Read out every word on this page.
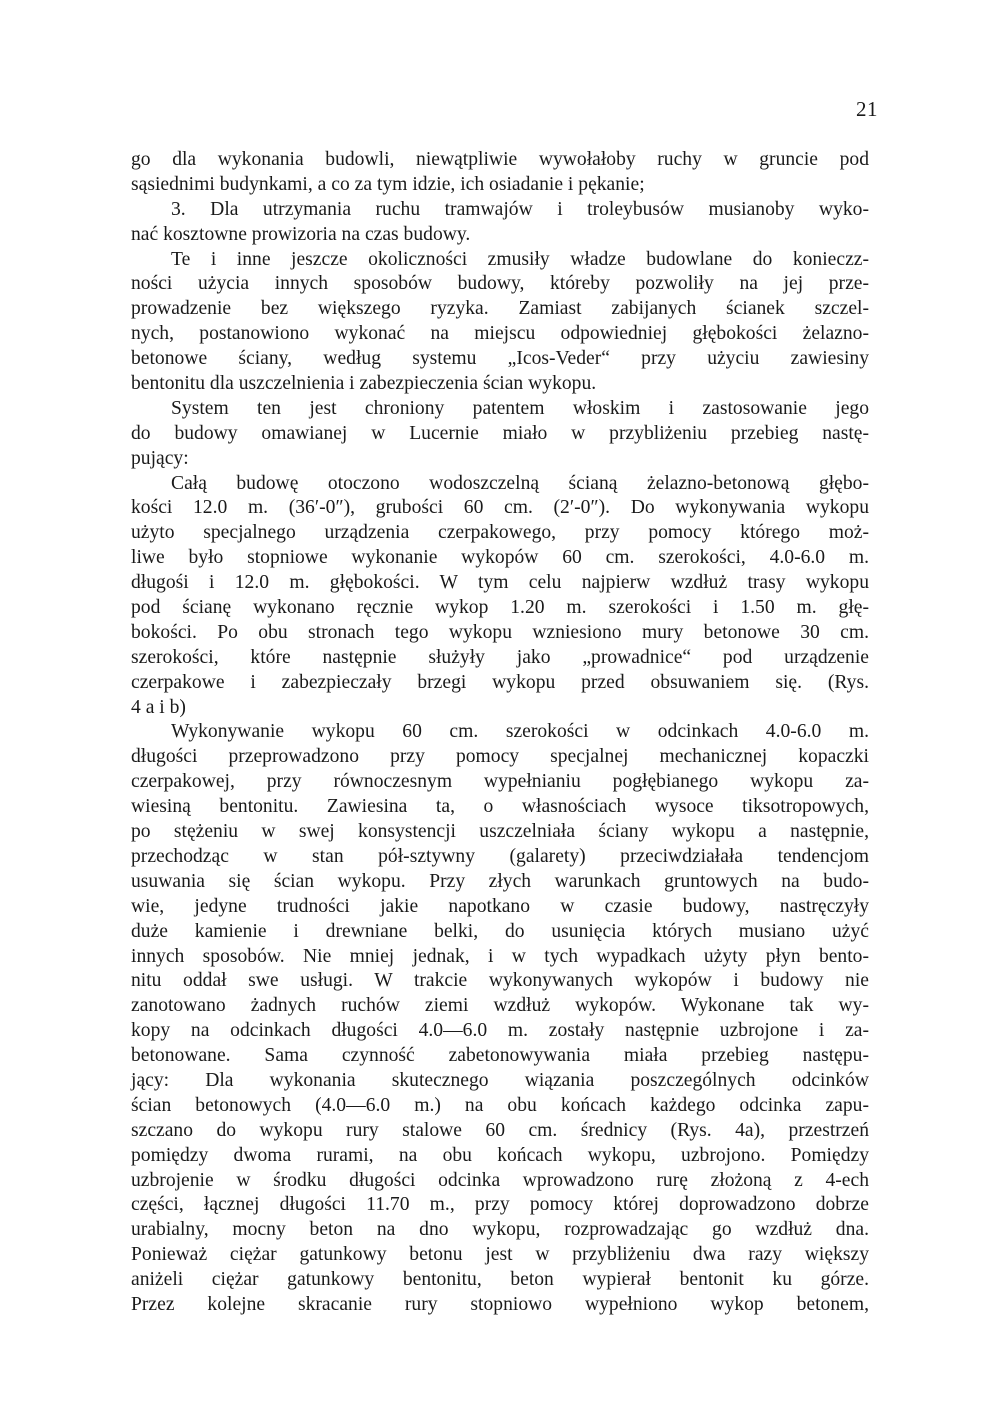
21
go dla wykonania budowli, niewątpliwie wywołałoby ruchy w gruncie pod
sąsiednimi budynkami, a co za tym idzie, ich osiadanie i pękanie;
3. Dla utrzymania ruchu tramwajów i troleybusów musianoby wyko-
nać kosztowne prowizoria na czas budowy.
Te i inne jeszcze okoliczności zmusiły władze budowlane do konieczz-
ności użycia innych sposobów budowy, któreby pozwoliły na jej prze-
prowadzenie bez większego ryzyka. Zamiast zabijanych ścianek szczel-
nych, postanowiono wykonać na miejscu odpowiedniej głębokości żelazno-
betonowe ściany, według systemu „Icos-Veder“ przy użyciu zawiesiny
bentonitu dla uszczelnienia i zabezpieczenia ścian wykopu.
System ten jest chroniony patentem włoskim i zastosowanie jego
do budowy omawianej w Lucernie miało w przybliżeniu przebieg nastę-
pujący:
Całą budowę otoczono wodoszczelną ścianą żelazno-betonową głębo-
kości 12.0 m. (36′-0″), grubości 60 cm. (2′-0″). Do wykonywania wykopu
użyto specjalnego urządzenia czerpakowego, przy pomocy którego moż-
liwe było stopniowe wykonanie wykopów 60 cm. szerokości, 4.0-6.0 m.
długośi i 12.0 m. głębokości. W tym celu najpierw wzdłuż trasy wykopu
pod ścianę wykonano ręcznie wykop 1.20 m. szerokości i 1.50 m. głę-
bokości. Po obu stronach tego wykopu wzniesiono mury betonowe 30 cm.
szerokości, które następnie służyły jako „prowadnice“ pod urządzenie
czerpakowe i zabezpieczały brzegi wykopu przed obsuwaniem się. (Rys.
4 a i b)
Wykonywanie wykopu 60 cm. szerokości w odcinkach 4.0-6.0 m.
długości przeprowadzono przy pomocy specjalnej mechanicznej kopaczki
czerpakowej, przy równoczesnym wypełnianiu pogłębianego wykopu za-
wiesiną bentonitu. Zawiesina ta, o własnościach wysoce tiksotropowych,
po stężeniu w swej konsystencji uszczelniała ściany wykopu a następnie,
przechodząc w stan pół-sztywny (galarety) przeciwdziałała tendencjom
usuwania się ścian wykopu. Przy złych warunkach gruntowych na budo-
wie, jedyne trudności jakie napotkano w czasie budowy, nastręczyły
duże kamienie i drewniane belki, do usunięcia których musiano użyć
innych sposobów. Nie mniej jednak, i w tych wypadkach użyty płyn bento-
nitu oddał swe usługi. W trakcie wykonywanych wykopów i budowy nie
zanotowano żadnych ruchów ziemi wzdłuż wykopów. Wykonane tak wy-
kopy na odcinkach długości 4.0—6.0 m. zostały następnie uzbrojone i za-
betonowane. Sama czynność zabetonowywania miała przebieg następu-
jący: Dla wykonania skutecznego wiązania poszczególnych odcinków
ścian betonowych (4.0—6.0 m.) na obu końcach każdego odcinka zapu-
szczano do wykopu rury stalowe 60 cm. średnicy (Rys. 4a), przestrzeń
pomiędzy dwoma rurami, na obu końcach wykopu, uzbrojono. Pomiędzy
uzbrojenie w środku długości odcinka wprowadzono rurę złożoną z 4-ech
części, łącznej długości 11.70 m., przy pomocy której doprowadzono dobrze
urabialny, mocny beton na dno wykopu, rozprowadzając go wzdłuż dna.
Ponieważ ciężar gatunkowy betonu jest w przybliżeniu dwa razy większy
aniżeli ciężar gatunkowy bentonitu, beton wypierał bentonit ku górze.
Przez kolejne skracanie rury stopniowo wypełniono wykop betonem,
